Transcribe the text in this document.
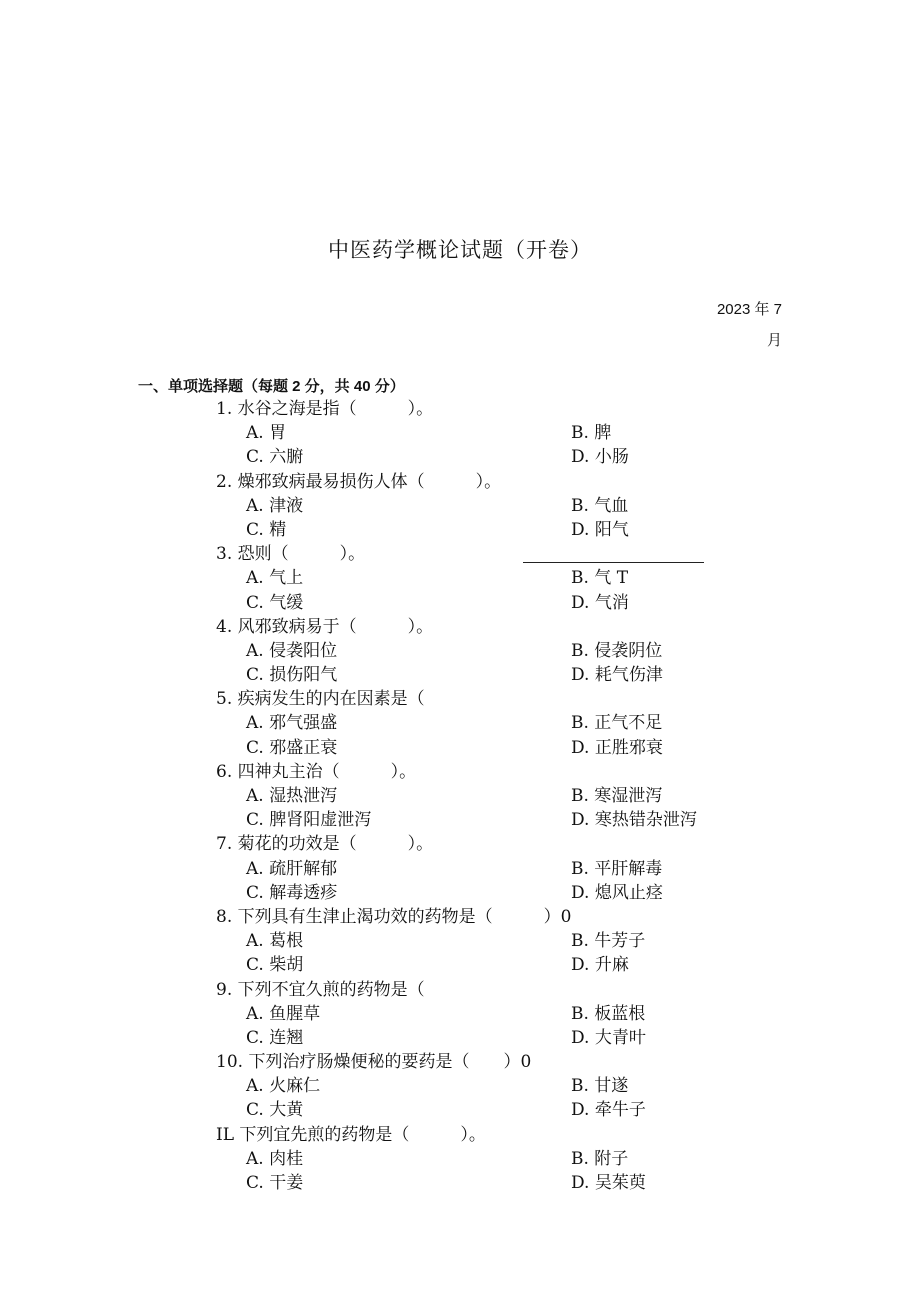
中医药学概论试题（开卷）
2023 年 7
月
一、单项选择题（每题 2 分，共 40 分）
1. 水谷之海是指（　　　）。
A. 胃	B. 脾
C. 六腑	D. 小肠
2. 燥邪致病最易损伤人体（　　　）。
A. 津液	B. 气血
C. 精	D. 阳气
3. 恐则（　　　）。
A. 气上	B. 气 T
C. 气缓	D. 气消
4. 风邪致病易于（　　　）。
A. 侵袭阳位	B. 侵袭阴位
C. 损伤阳气	D. 耗气伤津
5. 疾病发生的内在因素是（
A. 邪气强盛	B. 正气不足
C. 邪盛正衰	D. 正胜邪衰
6. 四神丸主治（　　　）。
A. 湿热泄泻	B. 寒湿泄泻
C. 脾肾阳虚泄泻	D. 寒热错杂泄泻
7. 菊花的功效是（　　　）。
A. 疏肝解郁	B. 平肝解毒
C. 解毒透疹	D. 熄风止痉
8. 下列具有生津止渴功效的药物是（　　　）0
A. 葛根	B. 牛芳子
C. 柴胡	D. 升麻
9. 下列不宜久煎的药物是（
A. 鱼腥草	B. 板蓝根
C. 连翘	D. 大青叶
10. 下列治疗肠燥便秘的要药是（　　）0
A. 火麻仁	B. 甘遂
C. 大黄	D. 牵牛子
IL 下列宜先煎的药物是（　　　）。
A. 肉桂	B. 附子
C. 干姜	D. 吴茱萸
